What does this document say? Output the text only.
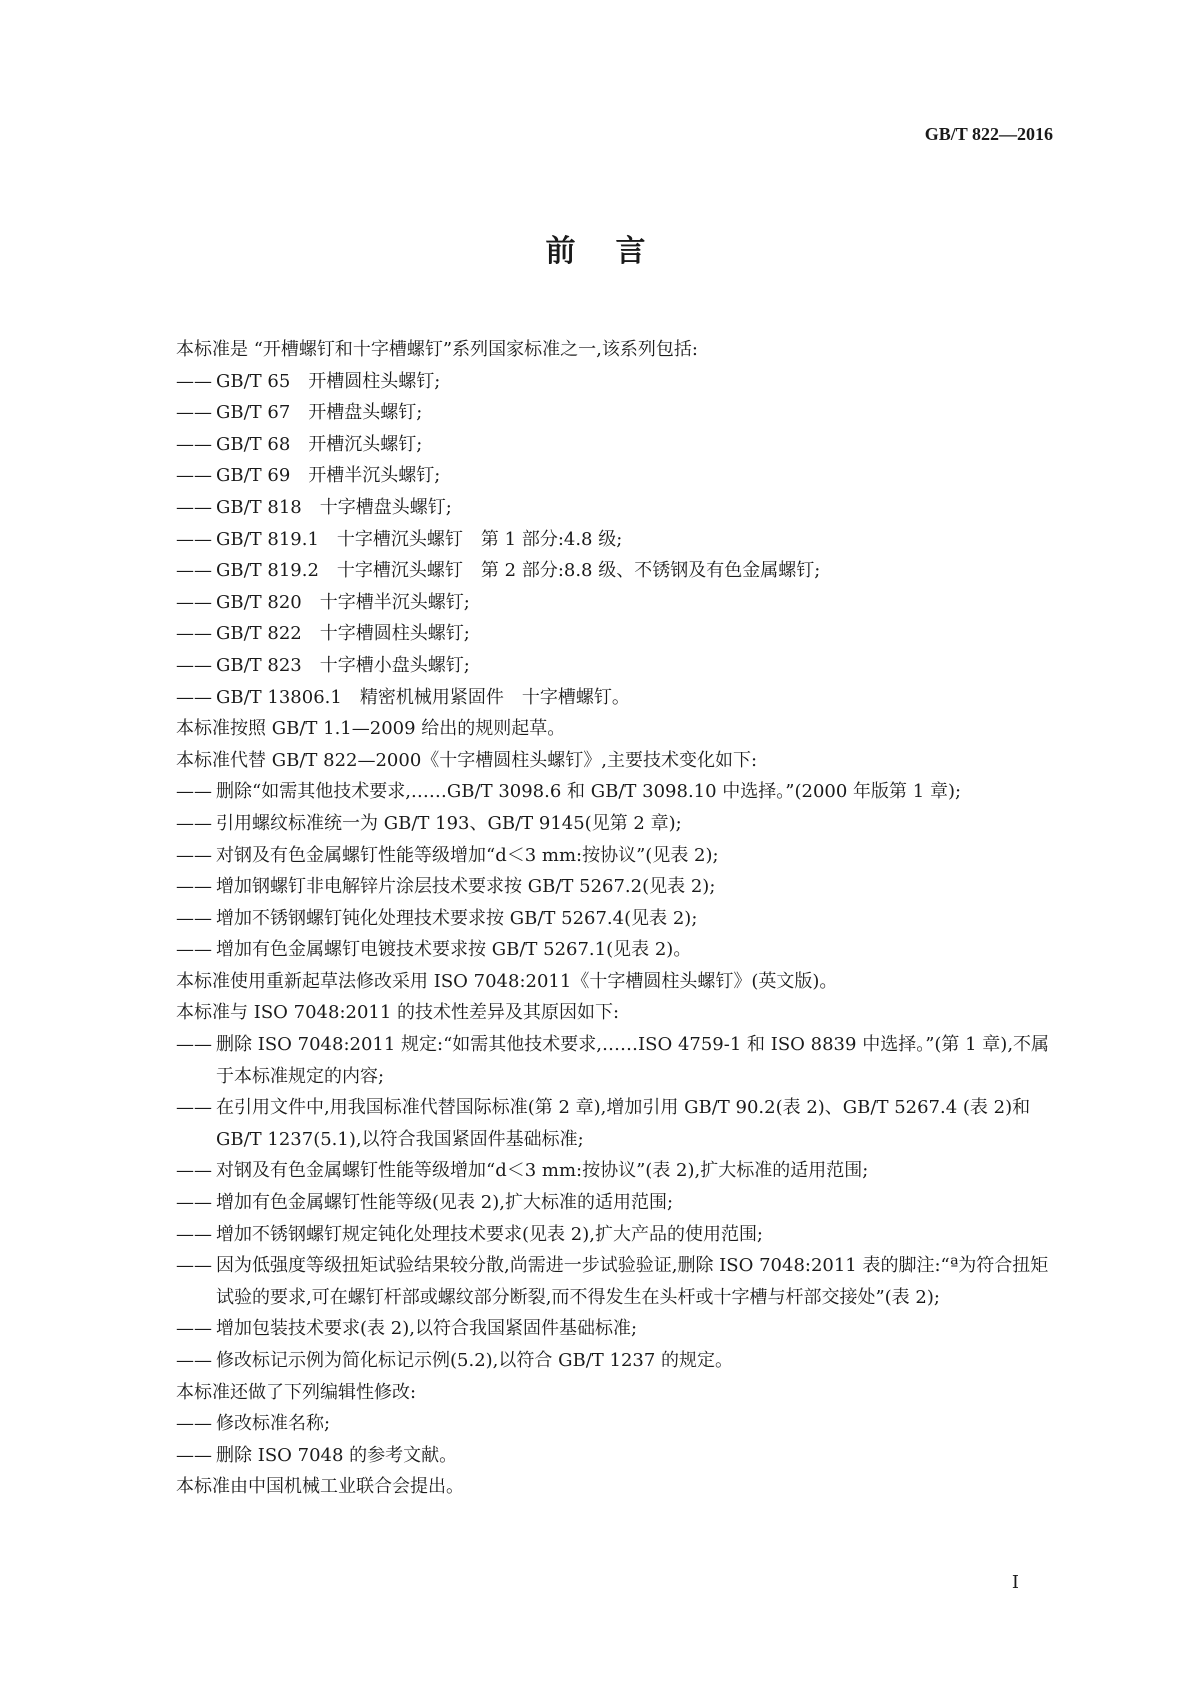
GB/T 822—2016
前言

本标准是 “开槽螺钉和十字槽螺钉”系列国家标准之一,该系列包括:

—— GB/T 65　开槽圆柱头螺钉;

—— GB/T 67　开槽盘头螺钉;

—— GB/T 68　开槽沉头螺钉;

—— GB/T 69　开槽半沉头螺钉;

—— GB/T 818　十字槽盘头螺钉;

—— GB/T 819.1　十字槽沉头螺钉　第 1 部分:4.8 级;

—— GB/T 819.2　十字槽沉头螺钉　第 2 部分:8.8 级、不锈钢及有色金属螺钉;

—— GB/T 820　十字槽半沉头螺钉;

—— GB/T 822　十字槽圆柱头螺钉;

—— GB/T 823　十字槽小盘头螺钉;

—— GB/T 13806.1　精密机械用紧固件　十字槽螺钉。

本标准按照 GB/T 1.1—2009 给出的规则起草。

本标准代替 GB/T 822—2000《十字槽圆柱头螺钉》,主要技术变化如下:

—— 删除“如需其他技术要求,……GB/T 3098.6 和 GB/T 3098.10 中选择。”(2000 年版第 1 章);

—— 引用螺纹标准统一为 GB/T 193、GB/T 9145(见第 2 章);

—— 对钢及有色金属螺钉性能等级增加“d＜3 mm:按协议”(见表 2);

—— 增加钢螺钉非电解锌片涂层技术要求按 GB/T 5267.2(见表 2);

—— 增加不锈钢螺钉钝化处理技术要求按 GB/T 5267.4(见表 2);

—— 增加有色金属螺钉电镀技术要求按 GB/T 5267.1(见表 2)。

本标准使用重新起草法修改采用 ISO 7048:2011《十字槽圆柱头螺钉》(英文版)。

本标准与 ISO 7048:2011 的技术性差异及其原因如下:

—— 删除 ISO 7048:2011 规定:“如需其他技术要求,……ISO 4759-1 和 ISO 8839 中选择。”(第 1 章),不属于本标准规定的内容;

—— 在引用文件中,用我国标准代替国际标准(第 2 章),增加引用 GB/T 90.2(表 2)、GB/T 5267.4 (表 2)和 GB/T 1237(5.1),以符合我国紧固件基础标准;

—— 对钢及有色金属螺钉性能等级增加“d＜3 mm:按协议”(表 2),扩大标准的适用范围;

—— 增加有色金属螺钉性能等级(见表 2),扩大标准的适用范围;

—— 增加不锈钢螺钉规定钝化处理技术要求(见表 2),扩大产品的使用范围;

—— 因为低强度等级扭矩试验结果较分散,尚需进一步试验验证,删除 ISO 7048:2011 表的脚注:“ª为符合扭矩试验的要求,可在螺钉杆部或螺纹部分断裂,而不得发生在头杆或十字槽与杆部交接处”(表 2);

—— 增加包装技术要求(表 2),以符合我国紧固件基础标准;

—— 修改标记示例为简化标记示例(5.2),以符合 GB/T 1237 的规定。

本标准还做了下列编辑性修改:

—— 修改标准名称;

—— 删除 ISO 7048 的参考文献。

本标准由中国机械工业联合会提出。

I
